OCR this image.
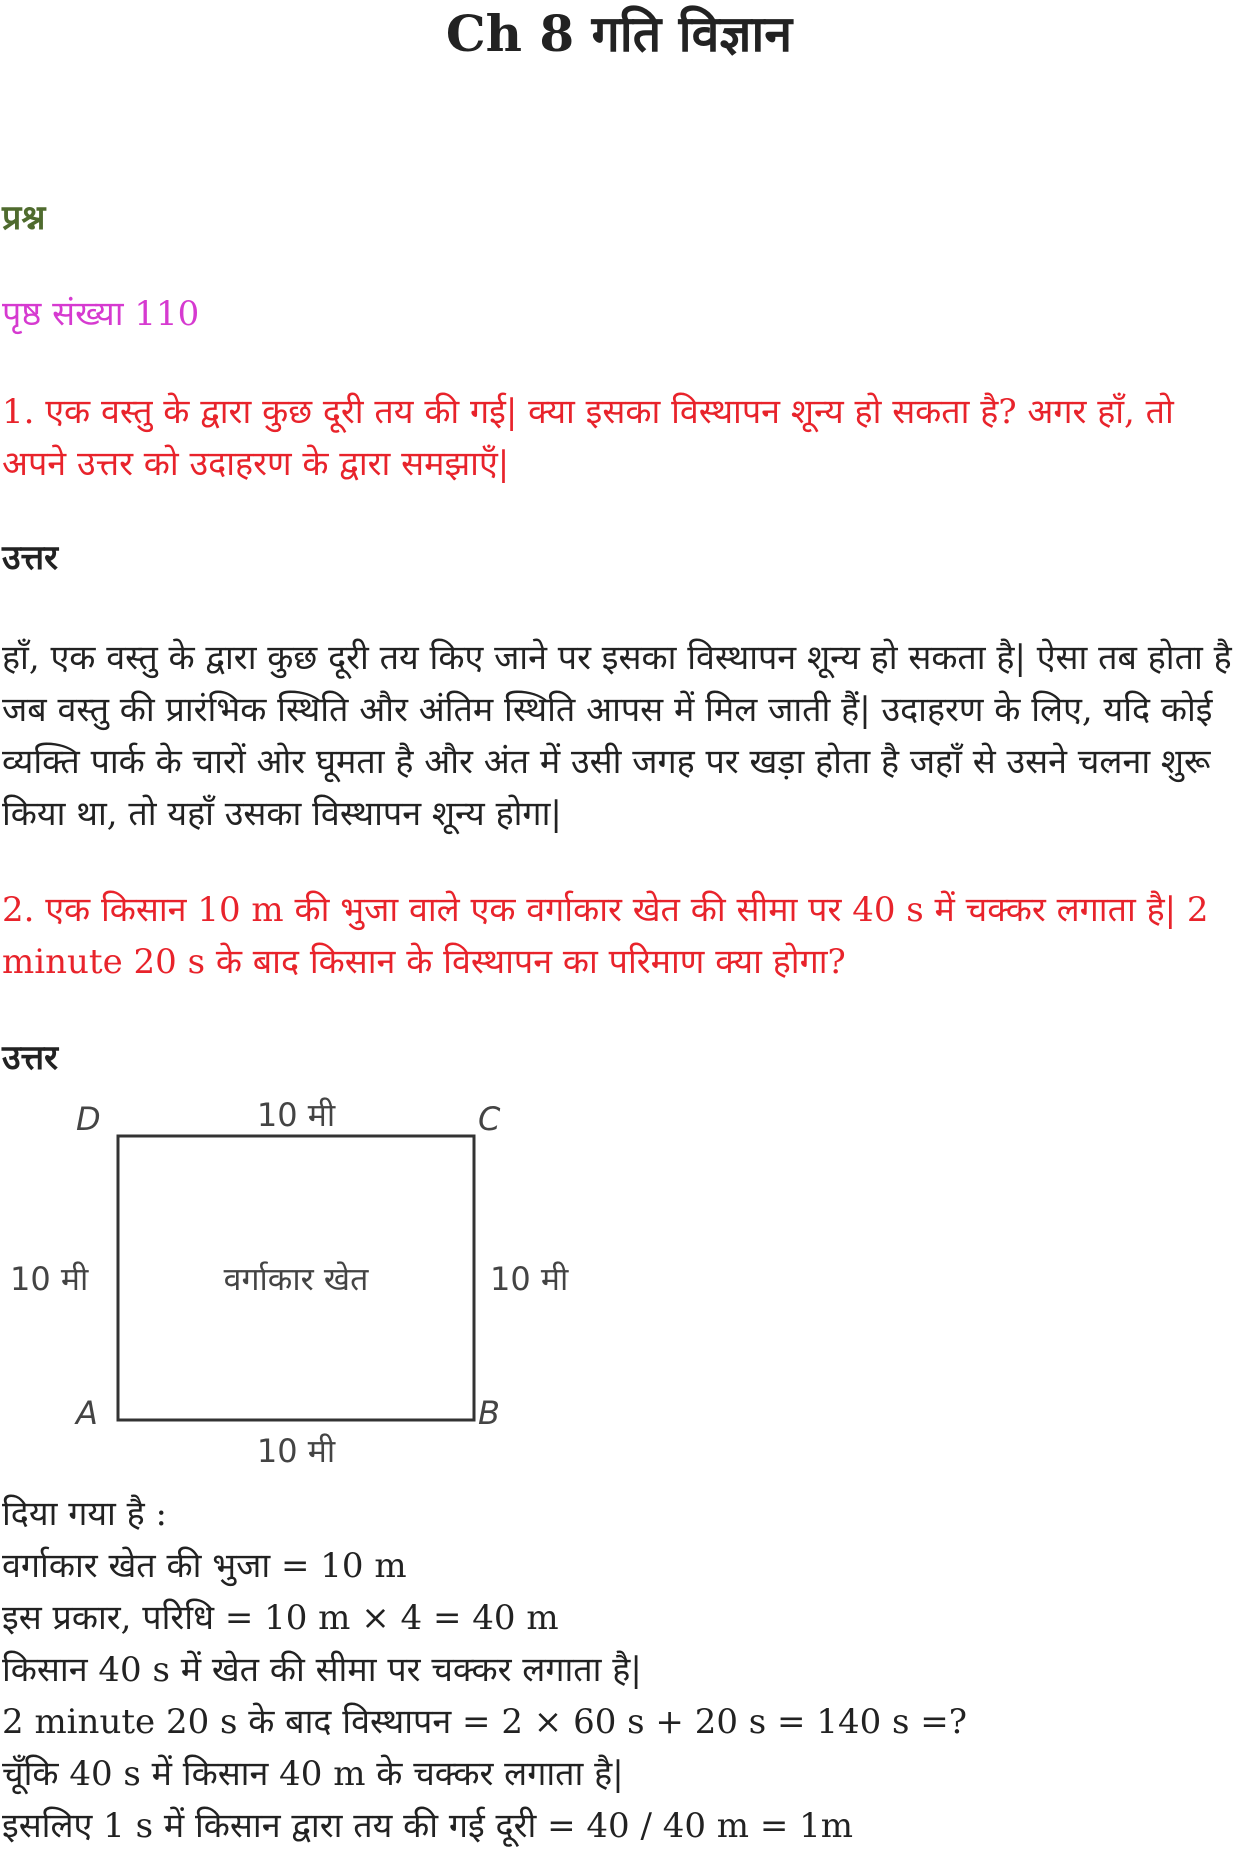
Ch 8 गति विज्ञान
प्रश्न
पृष्ठ संख्या 110
1. एक वस्तु के द्वारा कुछ दूरी तय की गई| क्या इसका विस्थापन शून्य हो सकता है? अगर हाँ, तो अपने उत्तर को उदाहरण के द्वारा समझाएँ|
उत्तर
हाँ, एक वस्तु के द्वारा कुछ दूरी तय किए जाने पर इसका विस्थापन शून्य हो सकता है| ऐसा तब होता है जब वस्तु की प्रारंभिक स्थिति और अंतिम स्थिति आपस में मिल जाती हैं| उदाहरण के लिए, यदि कोई व्यक्ति पार्क के चारों ओर घूमता है और अंत में उसी जगह पर खड़ा होता है जहाँ से उसने चलना शुरू किया था, तो यहाँ उसका विस्थापन शून्य होगा|
2. एक किसान 10 m की भुजा वाले एक वर्गाकार खेत की सीमा पर 40 s में चक्कर लगाता है| 2 minute 20 s के बाद किसान के विस्थापन का परिमाण क्या होगा?
उत्तर
D	C
A	B
10 मी
10 मी
10 मी	10 मी
वर्गाकार खेत
दिया गया है :
वर्गाकार खेत की भुजा = 10 m
इस प्रकार, परिधि = 10 m × 4 = 40 m
किसान 40 s में खेत की सीमा पर चक्कर लगाता है|
2 minute 20 s के बाद विस्थापन = 2 × 60 s + 20 s = 140 s =?
चूँकि 40 s में किसान 40 m के चक्कर लगाता है|
इसलिए 1 s में किसान द्वारा तय की गई दूरी = 40 / 40 m = 1m
